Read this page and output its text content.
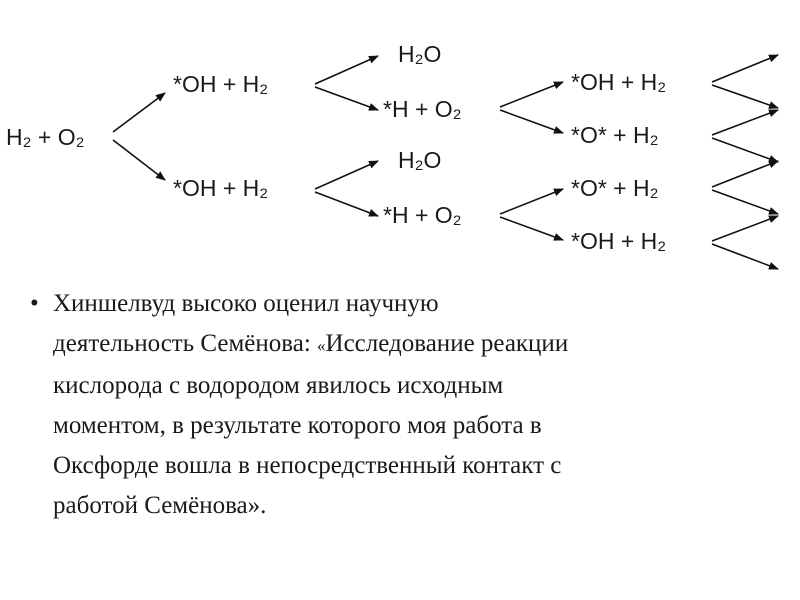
H₂ + O₂
*OH + H₂
*OH + H₂
H₂O
*H + O₂
H₂O
*H + O₂
*OH + H₂
*O* + H₂
*O* + H₂
*OH + H₂
• Хиншелвуд высоко оценил научную
деятельность Семёнова: «Исследование реакции
кислорода с водородом явилось исходным
моментом, в результате которого моя работа в
Оксфорде вошла в непосредственный контакт с
работой Семёнова».
